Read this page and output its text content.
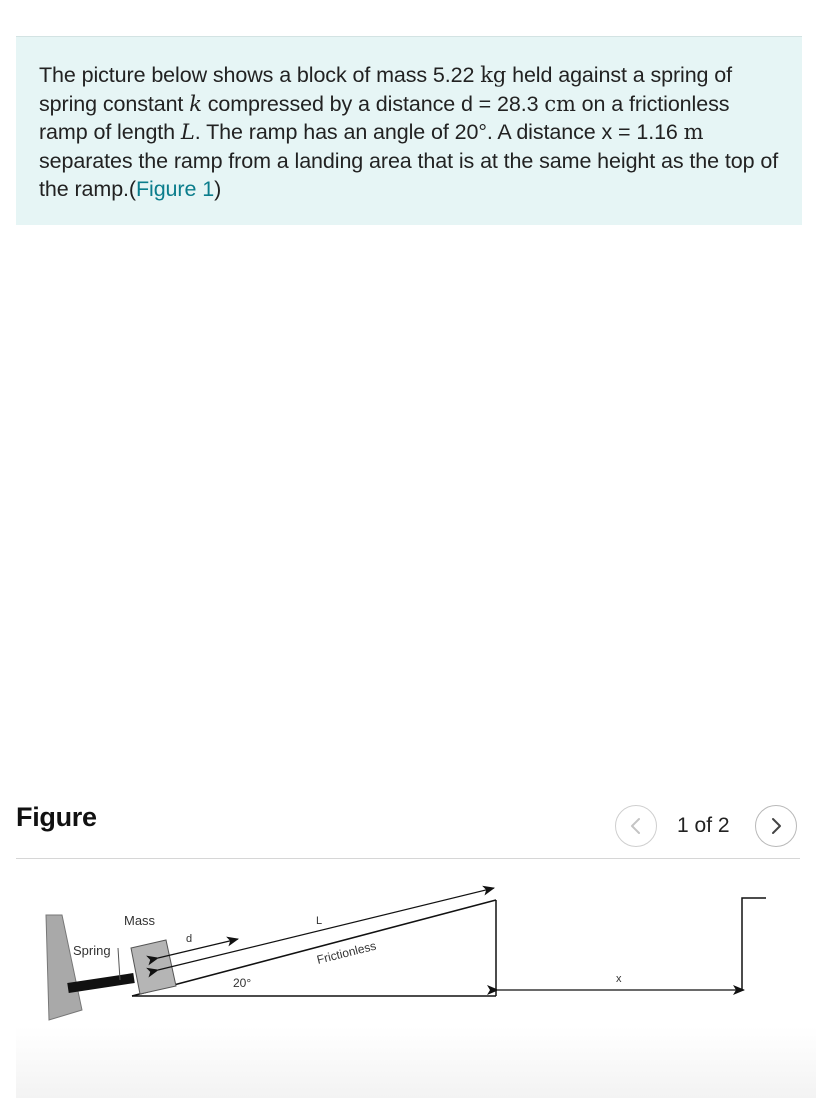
The picture below shows a block of mass 5.22 kg held against a spring of spring constant k compressed by a distance d = 28.3 cm on a frictionless ramp of length L. The ramp has an angle of 20°. A distance x = 1.16 m separates the ramp from a landing area that is at the same height as the top of the ramp.(Figure 1)

Figure	1 of 2
Mass
Spring
d
L
Frictionless
20°	x
